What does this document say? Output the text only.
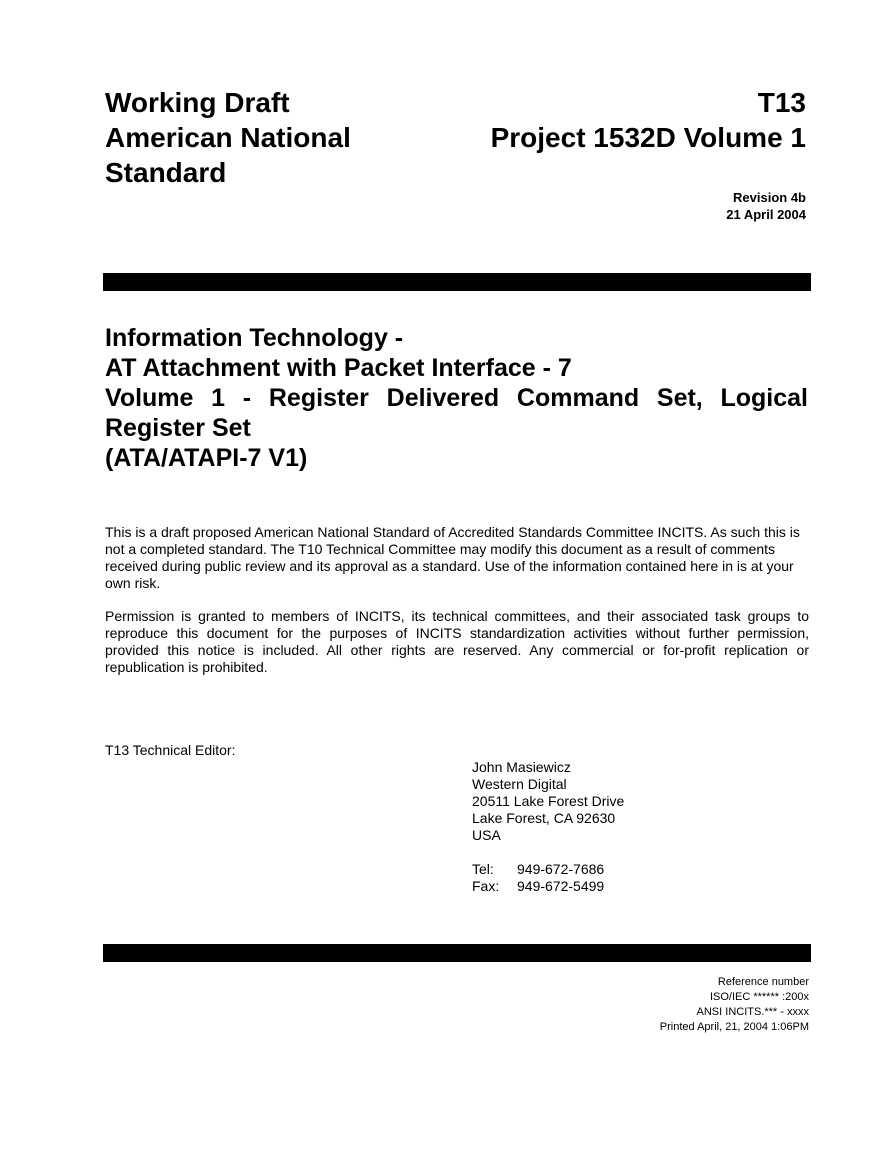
Working Draft
American National
Standard
T13
Project 1532D Volume 1
Revision 4b
21 April 2004
Information Technology -
AT Attachment with Packet Interface - 7
Volume 1 - Register Delivered Command Set, Logical
Register Set
(ATA/ATAPI-7 V1)
This is a draft proposed American National Standard of Accredited Standards Committee INCITS. As such this is not a completed standard. The T10 Technical Committee may modify this document as a result of comments received during public review and its approval as a standard. Use of the information contained here in is at your own risk.
Permission is granted to members of INCITS, its technical committees, and their associated task groups to reproduce this document for the purposes of INCITS standardization activities without further permission, provided this notice is included. All other rights are reserved. Any commercial or for-profit replication or republication is prohibited.
T13 Technical Editor:
John Masiewicz
Western Digital
20511 Lake Forest Drive
Lake Forest, CA 92630
USA
Tel:	949-672-7686
Fax:	949-672-5499
Reference number
ISO/IEC ****** :200x
ANSI INCITS.*** - xxxx
Printed April, 21, 2004 1:06PM
